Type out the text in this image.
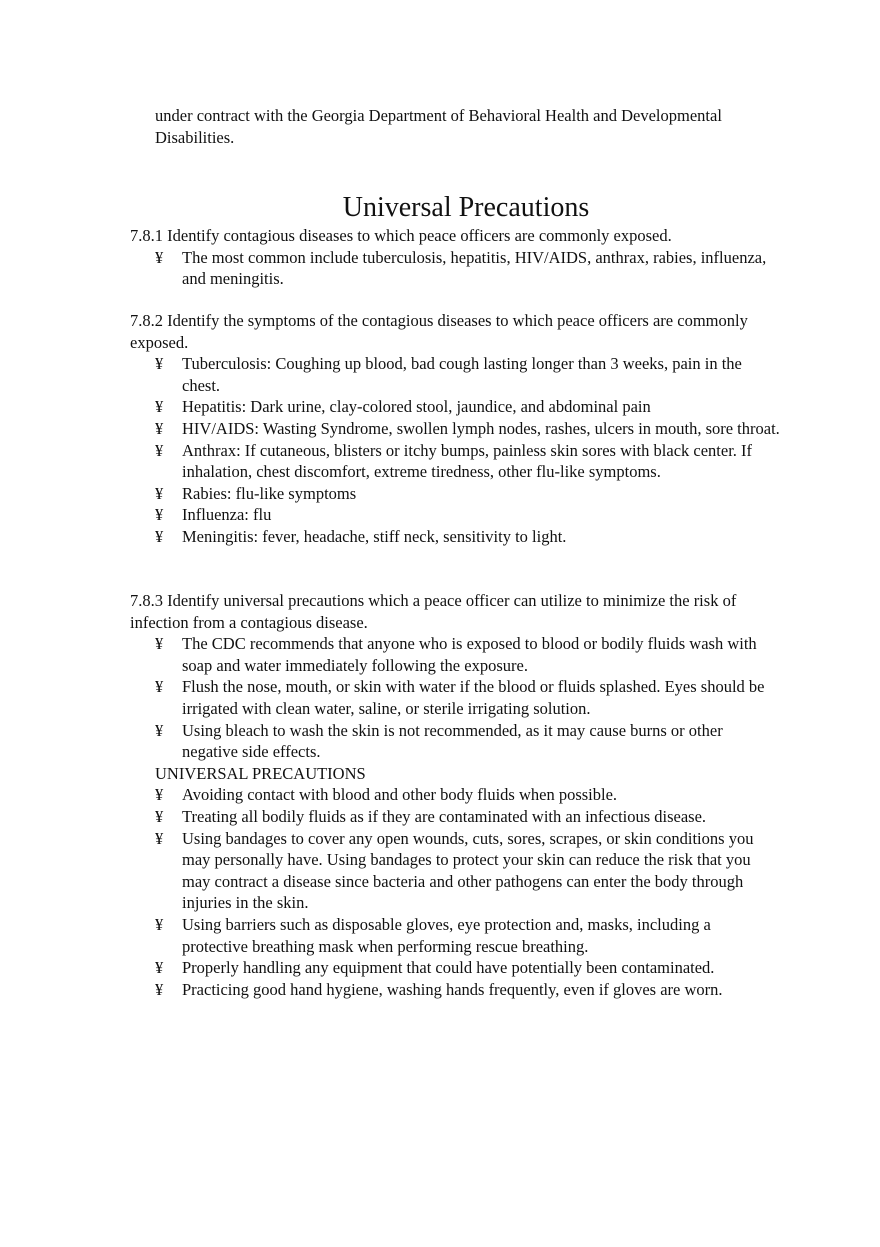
under contract with the Georgia Department of Behavioral Health and Developmental Disabilities.
Universal Precautions

7.8.1 Identify contagious diseases to which peace officers are commonly exposed.

¥ The most common include tuberculosis, hepatitis, HIV/AIDS, anthrax, rabies, influenza, and meningitis.

7.8.2 Identify the symptoms of the contagious diseases to which peace officers are commonly exposed.

¥ Tuberculosis: Coughing up blood, bad cough lasting longer than 3 weeks, pain in the chest.
¥ Hepatitis: Dark urine, clay-colored stool, jaundice, and abdominal pain
¥ HIV/AIDS: Wasting Syndrome, swollen lymph nodes, rashes, ulcers in mouth, sore throat.
¥ Anthrax: If cutaneous, blisters or itchy bumps, painless skin sores with black center. If inhalation, chest discomfort, extreme tiredness, other flu-like symptoms.
¥ Rabies: flu-like symptoms
¥ Influenza: flu
¥ Meningitis: fever, headache, stiff neck, sensitivity to light.

7.8.3 Identify universal precautions which a peace officer can utilize to minimize the risk of infection from a contagious disease.

¥ The CDC recommends that anyone who is exposed to blood or bodily fluids wash with soap and water immediately following the exposure.
¥ Flush the nose, mouth, or skin with water if the blood or fluids splashed. Eyes should be irrigated with clean water, saline, or sterile irrigating solution.
¥ Using bleach to wash the skin is not recommended, as it may cause burns or other negative side effects.

UNIVERSAL PRECAUTIONS

¥ Avoiding contact with blood and other body fluids when possible.
¥ Treating all bodily fluids as if they are contaminated with an infectious disease.
¥ Using bandages to cover any open wounds, cuts, sores, scrapes, or skin conditions you may personally have. Using bandages to protect your skin can reduce the risk that you may contract a disease since bacteria and other pathogens can enter the body through injuries in the skin.
¥ Using barriers such as disposable gloves, eye protection and, masks, including a protective breathing mask when performing rescue breathing.
¥ Properly handling any equipment that could have potentially been contaminated.
¥ Practicing good hand hygiene, washing hands frequently, even if gloves are worn.
